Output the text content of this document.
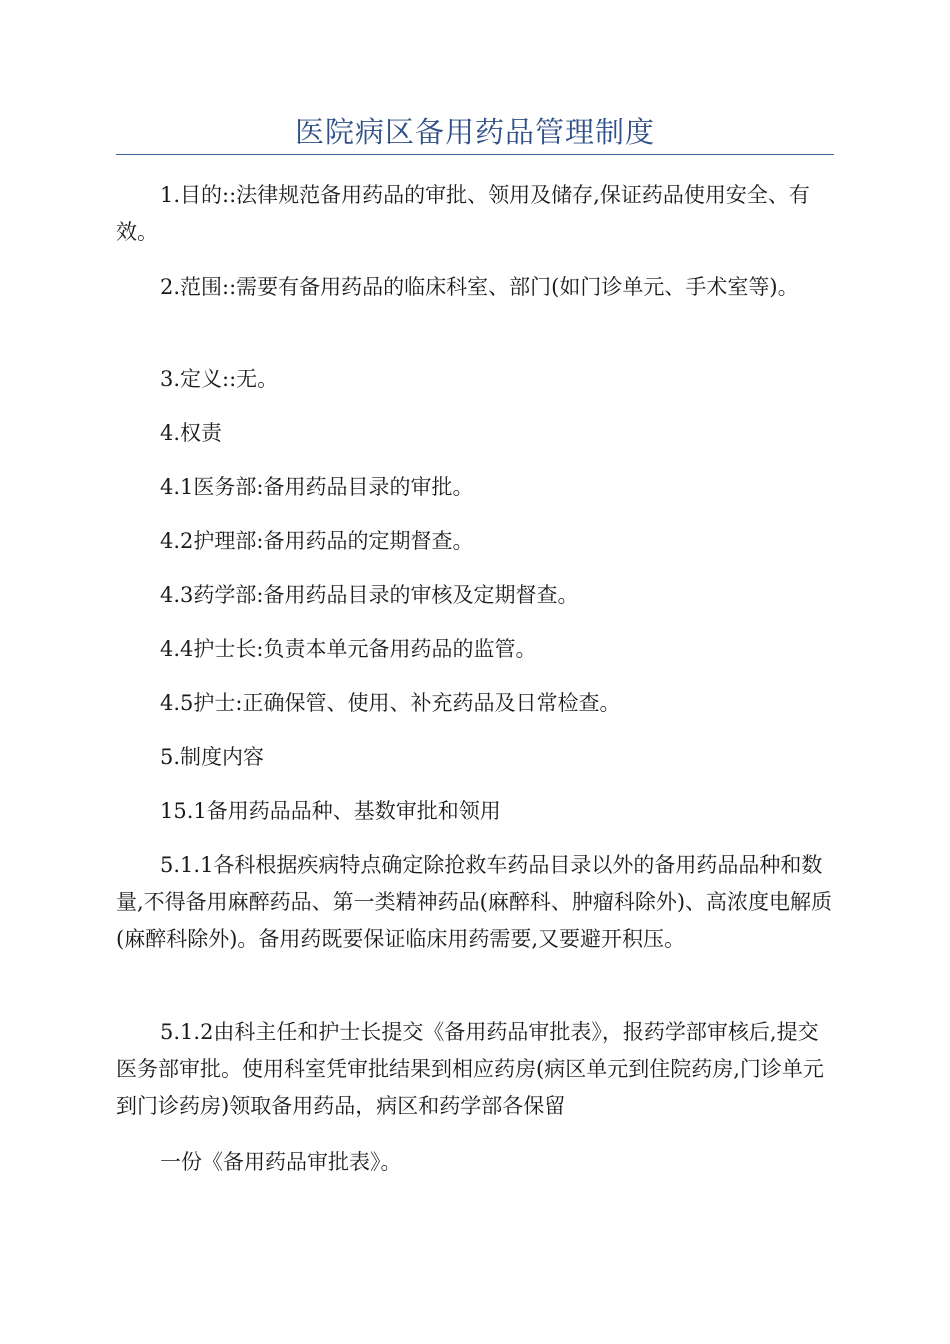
医院病区备用药品管理制度

1.目的::法律规范备用药品的审批、领用及储存,保证药品使用安全、有效。

2.范围::需要有备用药品的临床科室、部门(如门诊单元、手术室等)。

3.定义::无。

4.权责

4.1医务部:备用药品目录的审批。

4.2护理部:备用药品的定期督查。

4.3药学部:备用药品目录的审核及定期督查。

4.4护士长:负责本单元备用药品的监管。

4.5护士:正确保管、使用、补充药品及日常检查。

5.制度内容

15.1备用药品品种、基数审批和领用

5.1.1各科根据疾病特点确定除抢救车药品目录以外的备用药品品种和数量,不得备用麻醉药品、第一类精神药品(麻醉科、肿瘤科除外)、高浓度电解质(麻醉科除外)。备用药既要保证临床用药需要,又要避开积压。

5.1.2由科主任和护士长提交《备用药品审批表》，报药学部审核后,提交医务部审批。使用科室凭审批结果到相应药房(病区单元到住院药房,门诊单元到门诊药房)领取备用药品，病区和药学部各保留

一份《备用药品审批表》。
